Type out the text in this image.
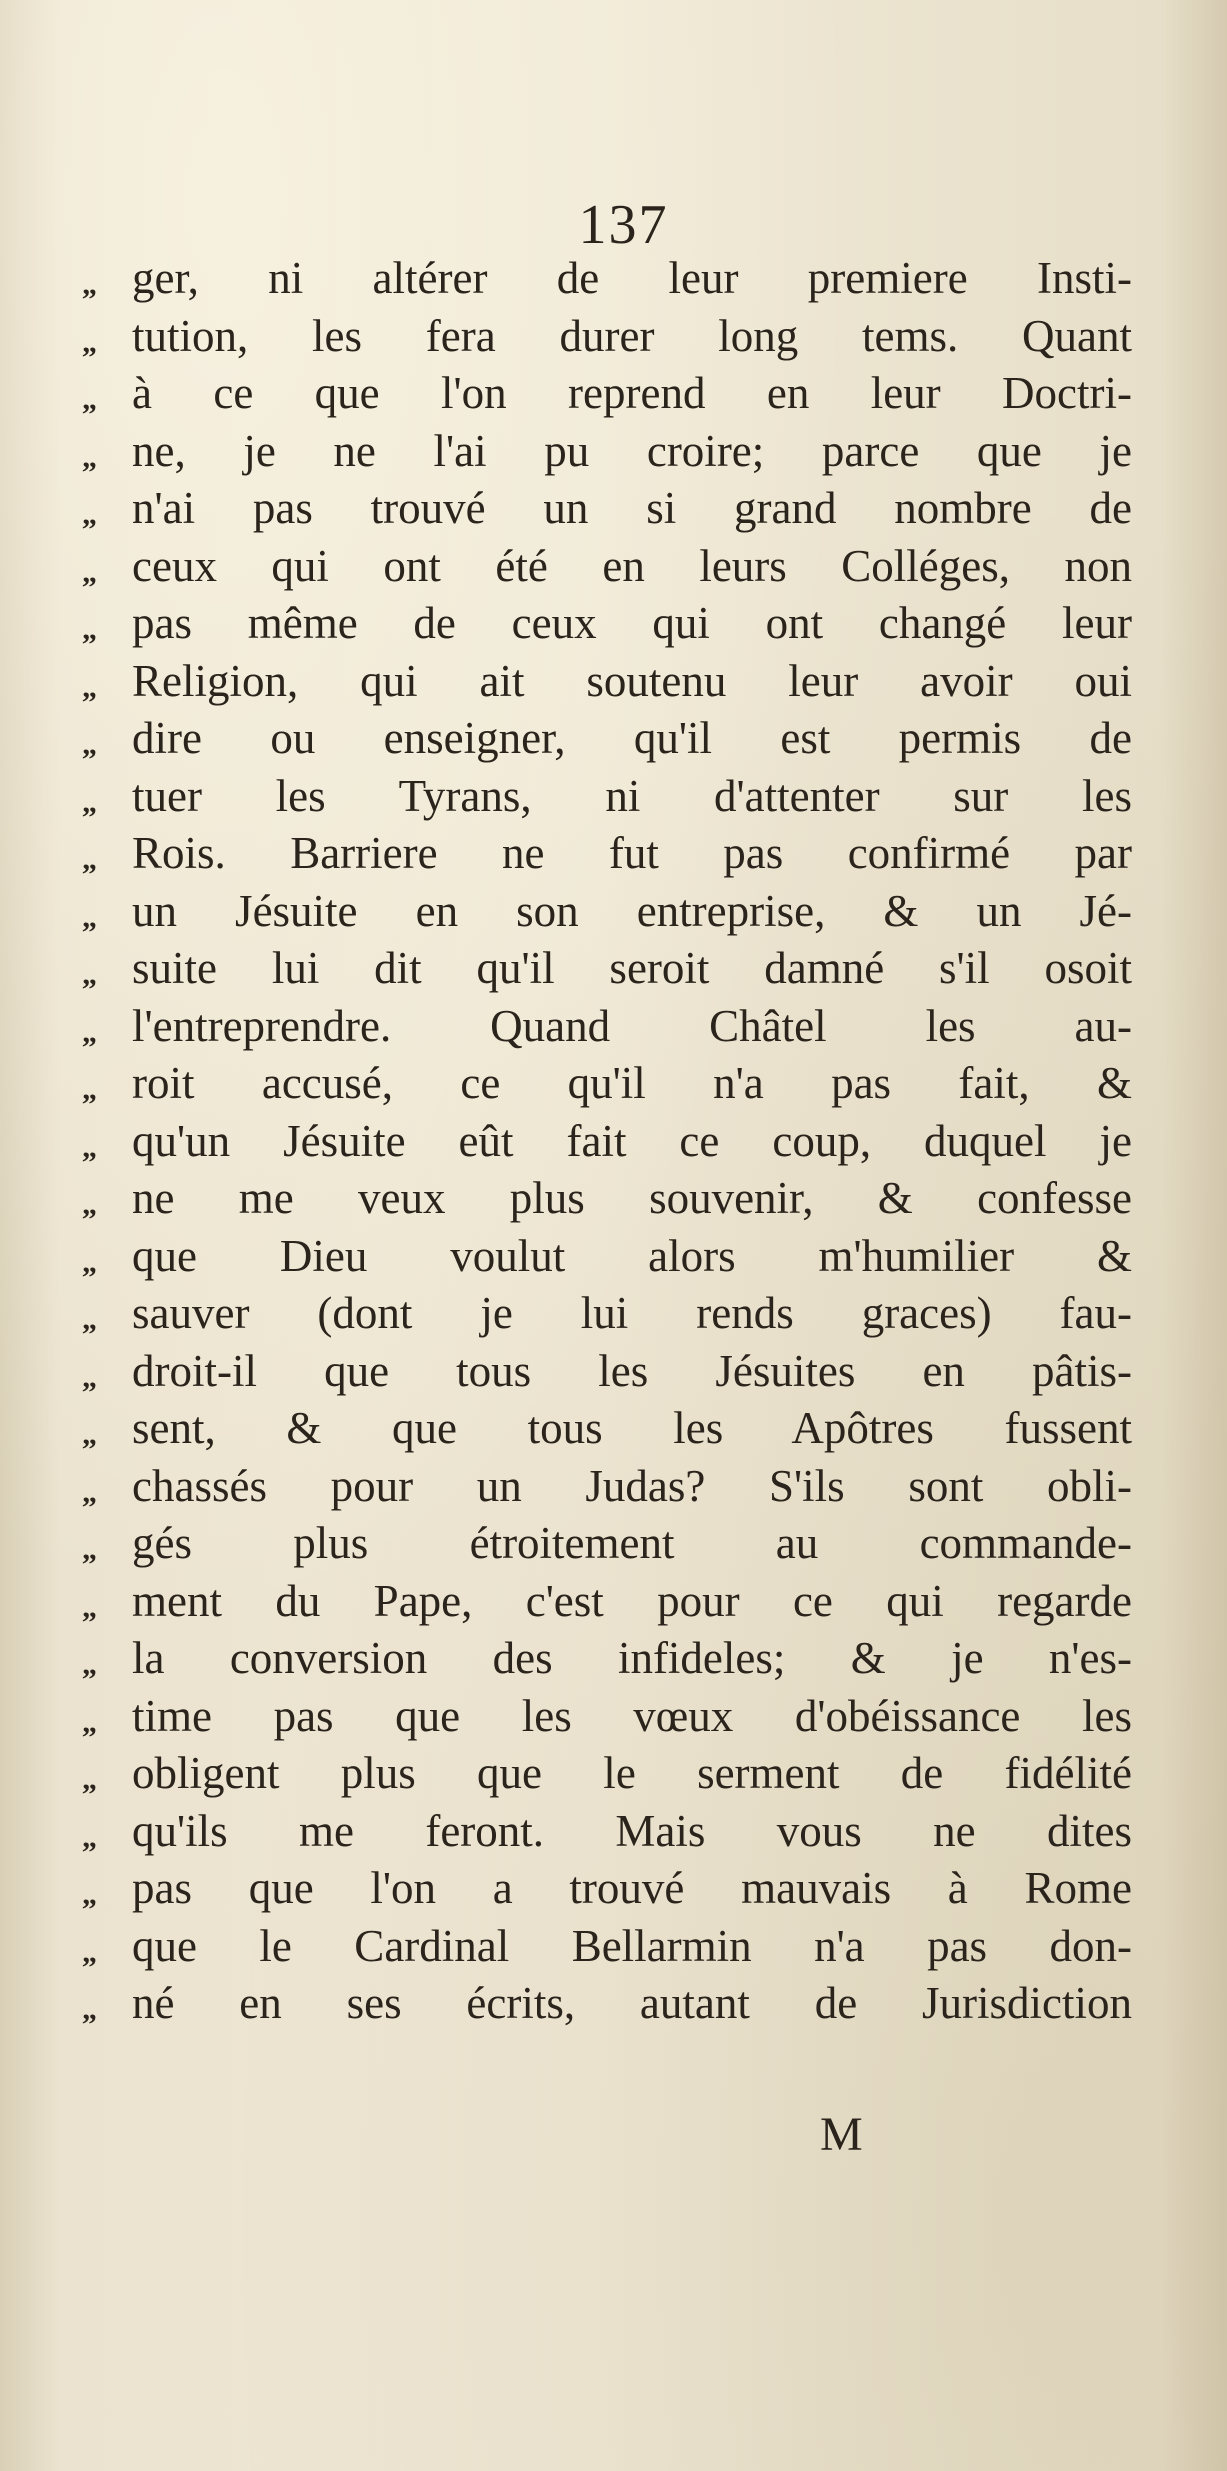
137
„ ger, ni altérer de leur premiere Insti-
„ tution, les fera durer long tems. Quant
„ à ce que l'on reprend en leur Doctri-
„ ne, je ne l'ai pu croire; parce que je
„ n'ai pas trouvé un si grand nombre de
„ ceux qui ont été en leurs Colléges, non
„ pas même de ceux qui ont changé leur
„ Religion, qui ait soutenu leur avoir oui
„ dire ou enseigner, qu'il est permis de
„ tuer les Tyrans, ni d'attenter sur les
„ Rois. Barriere ne fut pas confirmé par
„ un Jésuite en son entreprise, & un Jé-
„ suite lui dit qu'il seroit damné s'il osoit
„ l'entreprendre. Quand Châtel les au-
„ roit accusé, ce qu'il n'a pas fait, &
„ qu'un Jésuite eût fait ce coup, duquel je
„ ne me veux plus souvenir, & confesse
„ que Dieu voulut alors m'humilier &
„ sauver (dont je lui rends graces) fau-
„ droit-il que tous les Jésuites en pâtis-
„ sent, & que tous les Apôtres fussent
„ chassés pour un Judas? S'ils sont obli-
„ gés plus étroitement au commande-
„ ment du Pape, c'est pour ce qui regarde
„ la conversion des infideles; & je n'es-
„ time pas que les vœux d'obéissance les
„ obligent plus que le serment de fidélité
„ qu'ils me feront. Mais vous ne dites
„ pas que l'on a trouvé mauvais à Rome
„ que le Cardinal Bellarmin n'a pas don-
„ né en ses écrits, autant de Jurisdiction
M
